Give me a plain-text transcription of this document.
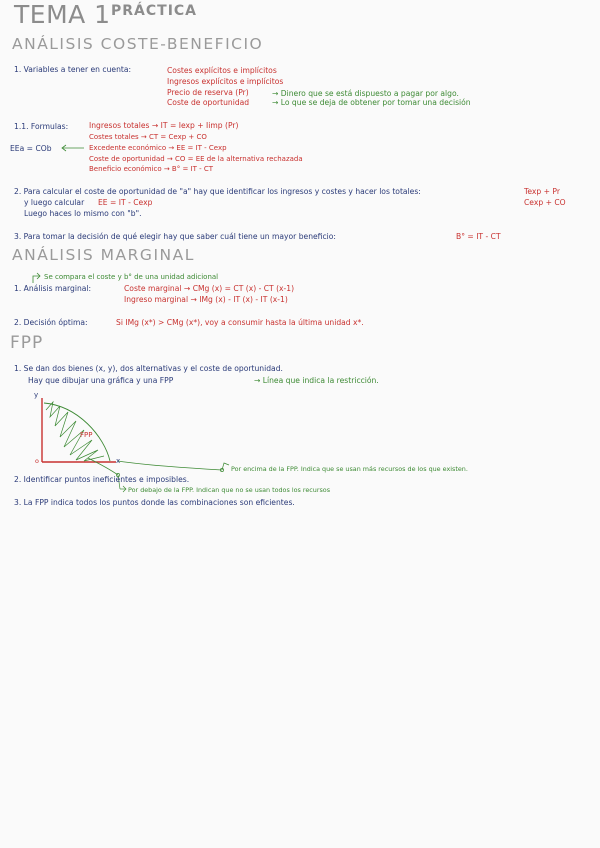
TEMA 1 PRÁCTICA
ANÁLISIS COSTE-BENEFICIO
1. Variables a tener en cuenta:	Costes explícitos e implícitos
Ingresos explícitos e implícitos
Precio de reserva (Pr)	→ Dinero que se está dispuesto a pagar por algo.
Coste de oportunidad	→ Lo que se deja de obtener por tomar una decisión
1.1. Formulas:	Ingresos totales → IT = Iexp + Iimp (Pr)
Costes totales → CT = Cexp + CO
Excedente económico → EE = IT - Cexp
Coste de oportunidad → CO = EE de la alternativa rechazada
Beneficio económico → B° = IT - CT
EEa = COb
2. Para calcular el coste de oportunidad de "a" hay que identificar los ingresos y costes y hacer los totales:	Texp + Pr
Cexp + CO
y luego calcular EE = IT - Cexp
Luego haces lo mismo con "b".
3. Para tomar la decisión de qué elegir hay que saber cuál tiene un mayor beneficio:	B° = IT - CT
ANÁLISIS MARGINAL
Se compara el coste y b° de una unidad adicional
1. Análisis marginal:	Coste marginal → CMg (x) = CT (x) - CT (x-1)
Ingreso marginal → IMg (x) - IT (x) - IT (x-1)
2. Decisión óptima:	Si IMg (x*) > CMg (x*), voy a consumir hasta la última unidad x*.
FPP
1. Se dan dos bienes (x, y), dos alternativas y el coste de oportunidad.
Hay que dibujar una gráfica y una FPP	→ Línea que indica la restricción.
y
x
o
FPP
Por encima de la FPP. Indica que se usan más recursos de los que existen.
2. Identificar puntos ineficientes e imposibles.
Por debajo de la FPP. Indican que no se usan todos los recursos
3. La FPP indica todos los puntos donde las combinaciones son eficientes.
